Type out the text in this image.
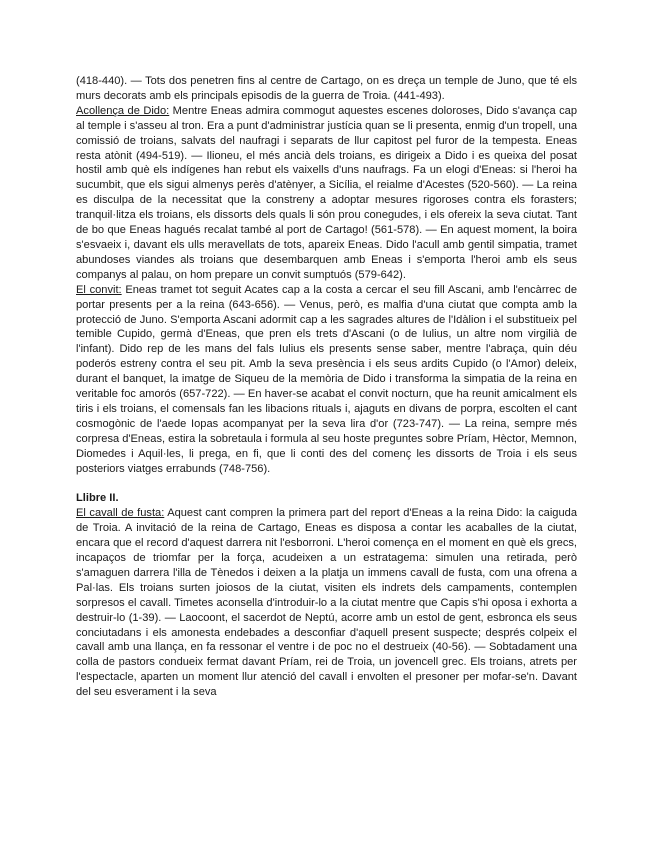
(418-440). — Tots dos penetren fins al centre de Cartago, on es dreça un temple de Juno, que té els murs decorats amb els principals episodis de la guerra de Troia. (441-493).

Acollença de Dido: Mentre Eneas admira commogut aquestes escenes doloroses, Dido s'avança cap al temple i s'asseu al tron. Era a punt d'administrar justícia quan se li presenta, enmig d'un tropell, una comissió de troians, salvats del naufragi i separats de llur capitost pel furor de la tempesta. Eneas resta atònit (494-519). — Ilioneu, el més ancià dels troians, es dirigeix a Dido i es queixa del posat hostil amb què els indígenes han rebut els vaixells d'uns naufrags. Fa un elogi d'Eneas: si l'heroi ha sucumbit, que els sigui almenys perès d'atènyer, a Sicília, el reialme d'Acestes (520-560). — La reina es disculpa de la necessitat que la constreny a adoptar mesures rigoroses contra els forasters; tranquil·litza els troians, els dissorts dels quals li són prou conegudes, i els ofereix la seva ciutat. Tant de bo que Eneas hagués recalat també al port de Cartago! (561-578). — En aquest moment, la boira s'esvaeix i, davant els ulls meravellats de tots, apareix Eneas. Dido l'acull amb gentil simpatia, tramet abundoses viandes als troians que desembarquen amb Eneas i s'emporta l'heroi amb els seus companys al palau, on hom prepare un convit sumptuós (579-642).

El convit: Eneas tramet tot seguit Acates cap a la costa a cercar el seu fill Ascani, amb l'encàrrec de portar presents per a la reina (643-656). — Venus, però, es malfia d'una ciutat que compta amb la protecció de Juno. S'emporta Ascani adormit cap a les sagrades altures de l'Idàlion i el substitueix pel temible Cupido, germà d'Eneas, que pren els trets d'Ascani (o de Iulius, un altre nom virgilià de l'infant). Dido rep de les mans del fals Iulius els presents sense saber, mentre l'abraça, quin déu poderós estreny contra el seu pit. Amb la seva presència i els seus ardits Cupido (o l'Amor) deleix, durant el banquet, la imatge de Siqueu de la memòria de Dido i transforma la simpatia de la reina en veritable foc amorós (657-722). — En haver-se acabat el convit nocturn, que ha reunit amicalment els tiris i els troians, el comensals fan les libacions rituals i, ajaguts en divans de porpra, escolten el cant cosmogònic de l'aede Iopas acompanyat per la seva lira d'or (723-747). — La reina, sempre més corpresa d'Eneas, estira la sobretaula i formula al seu hoste preguntes sobre Príam, Hèctor, Memnon, Diomedes i Aquil·les, li prega, en fi, que li conti des del començ les dissorts de Troia i els seus posteriors viatges errabunds (748-756).

Llibre II.

El cavall de fusta: Aquest cant compren la primera part del report d'Eneas a la reina Dido: la caiguda de Troia. A invitació de la reina de Cartago, Eneas es disposa a contar les acaballes de la ciutat, encara que el record d'aquest darrera nit l'esborroni. L'heroi comença en el moment en què els grecs, incapaços de triomfar per la força, acudeixen a un estratagema: simulen una retirada, però s'amaguen darrera l'illa de Tènedos i deixen a la platja un immens cavall de fusta, com una ofrena a Pal·las. Els troians surten joiosos de la ciutat, visiten els indrets dels campaments, contemplen sorpresos el cavall. Timetes aconsella d'introduir-lo a la ciutat mentre que Capis s'hi oposa i exhorta a destruir-lo (1-39). — Laocoont, el sacerdot de Neptú, acorre amb un estol de gent, esbronca els seus conciutadans i els amonesta endebades a desconfiar d'aquell present suspecte; després colpeix el cavall amb una llança, en fa ressonar el ventre i de poc no el destrueix (40-56). — Sobtadament una colla de pastors condueix fermat davant Príam, rei de Troia, un jovencell grec. Els troians, atrets per l'espectacle, aparten un moment llur atenció del cavall i envolten el presoner per mofar-se'n. Davant del seu esverament i la seva
